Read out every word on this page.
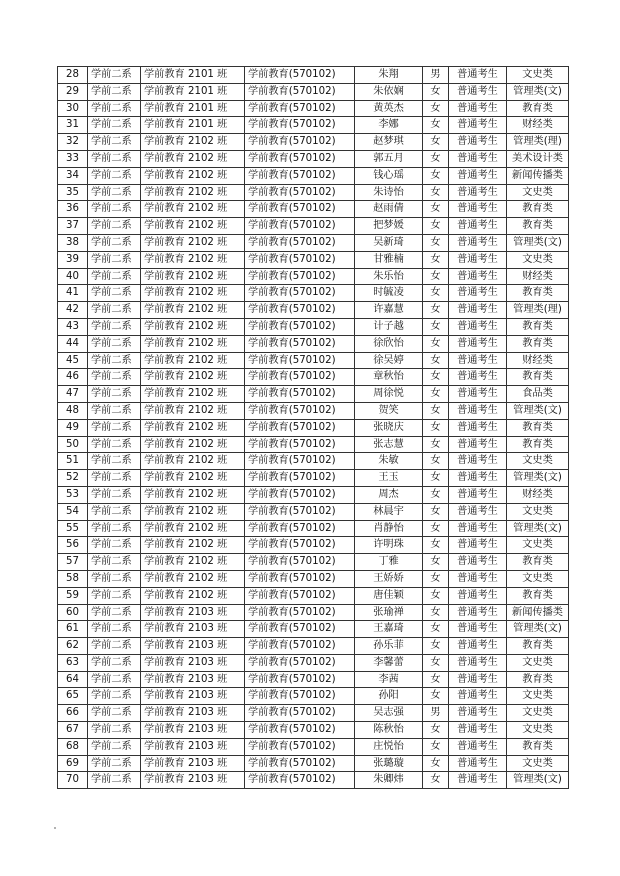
28	学前二系	学前教育 2101 班	学前教育(570102)	朱翔	男	普通考生	文史类
29	学前二系	学前教育 2101 班	学前教育(570102)	朱依娴	女	普通考生	管理类(文)
30	学前二系	学前教育 2101 班	学前教育(570102)	黄英杰	女	普通考生	教育类
31	学前二系	学前教育 2101 班	学前教育(570102)	李娜	女	普通考生	财经类
32	学前二系	学前教育 2102 班	学前教育(570102)	赵梦琪	女	普通考生	管理类(理)
33	学前二系	学前教育 2102 班	学前教育(570102)	郭五月	女	普通考生	美术设计类
34	学前二系	学前教育 2102 班	学前教育(570102)	钱心瑶	女	普通考生	新闻传播类
35	学前二系	学前教育 2102 班	学前教育(570102)	朱诗怡	女	普通考生	文史类
36	学前二系	学前教育 2102 班	学前教育(570102)	赵雨倩	女	普通考生	教育类
37	学前二系	学前教育 2102 班	学前教育(570102)	把梦媛	女	普通考生	教育类
38	学前二系	学前教育 2102 班	学前教育(570102)	吴新琦	女	普通考生	管理类(文)
39	学前二系	学前教育 2102 班	学前教育(570102)	甘雅楠	女	普通考生	文史类
40	学前二系	学前教育 2102 班	学前教育(570102)	朱乐怡	女	普通考生	财经类
41	学前二系	学前教育 2102 班	学前教育(570102)	时毓凌	女	普通考生	教育类
42	学前二系	学前教育 2102 班	学前教育(570102)	许嘉慧	女	普通考生	管理类(理)
43	学前二系	学前教育 2102 班	学前教育(570102)	计子越	女	普通考生	教育类
44	学前二系	学前教育 2102 班	学前教育(570102)	徐欣怡	女	普通考生	教育类
45	学前二系	学前教育 2102 班	学前教育(570102)	徐吴婷	女	普通考生	财经类
46	学前二系	学前教育 2102 班	学前教育(570102)	章秋怡	女	普通考生	教育类
47	学前二系	学前教育 2102 班	学前教育(570102)	周徐悦	女	普通考生	食品类
48	学前二系	学前教育 2102 班	学前教育(570102)	贺笑	女	普通考生	管理类(文)
49	学前二系	学前教育 2102 班	学前教育(570102)	张晓庆	女	普通考生	教育类
50	学前二系	学前教育 2102 班	学前教育(570102)	张志慧	女	普通考生	教育类
51	学前二系	学前教育 2102 班	学前教育(570102)	朱敏	女	普通考生	文史类
52	学前二系	学前教育 2102 班	学前教育(570102)	王玉	女	普通考生	管理类(文)
53	学前二系	学前教育 2102 班	学前教育(570102)	周杰	女	普通考生	财经类
54	学前二系	学前教育 2102 班	学前教育(570102)	林晨宇	女	普通考生	文史类
55	学前二系	学前教育 2102 班	学前教育(570102)	肖静怡	女	普通考生	管理类(文)
56	学前二系	学前教育 2102 班	学前教育(570102)	许明珠	女	普通考生	文史类
57	学前二系	学前教育 2102 班	学前教育(570102)	丁雅	女	普通考生	教育类
58	学前二系	学前教育 2102 班	学前教育(570102)	王娇娇	女	普通考生	文史类
59	学前二系	学前教育 2102 班	学前教育(570102)	唐佳颖	女	普通考生	教育类
60	学前二系	学前教育 2103 班	学前教育(570102)	张瑜禅	女	普通考生	新闻传播类
61	学前二系	学前教育 2103 班	学前教育(570102)	王嘉琦	女	普通考生	管理类(文)
62	学前二系	学前教育 2103 班	学前教育(570102)	孙乐菲	女	普通考生	教育类
63	学前二系	学前教育 2103 班	学前教育(570102)	李馨蕾	女	普通考生	文史类
64	学前二系	学前教育 2103 班	学前教育(570102)	李茜	女	普通考生	教育类
65	学前二系	学前教育 2103 班	学前教育(570102)	孙阳	女	普通考生	文史类
66	学前二系	学前教育 2103 班	学前教育(570102)	吴志强	男	普通考生	文史类
67	学前二系	学前教育 2103 班	学前教育(570102)	陈秋怡	女	普通考生	文史类
68	学前二系	学前教育 2103 班	学前教育(570102)	庄悦怡	女	普通考生	教育类
69	学前二系	学前教育 2103 班	学前教育(570102)	张璐璇	女	普通考生	文史类
70	学前二系	学前教育 2103 班	学前教育(570102)	朱卿炜	女	普通考生	管理类(文)
